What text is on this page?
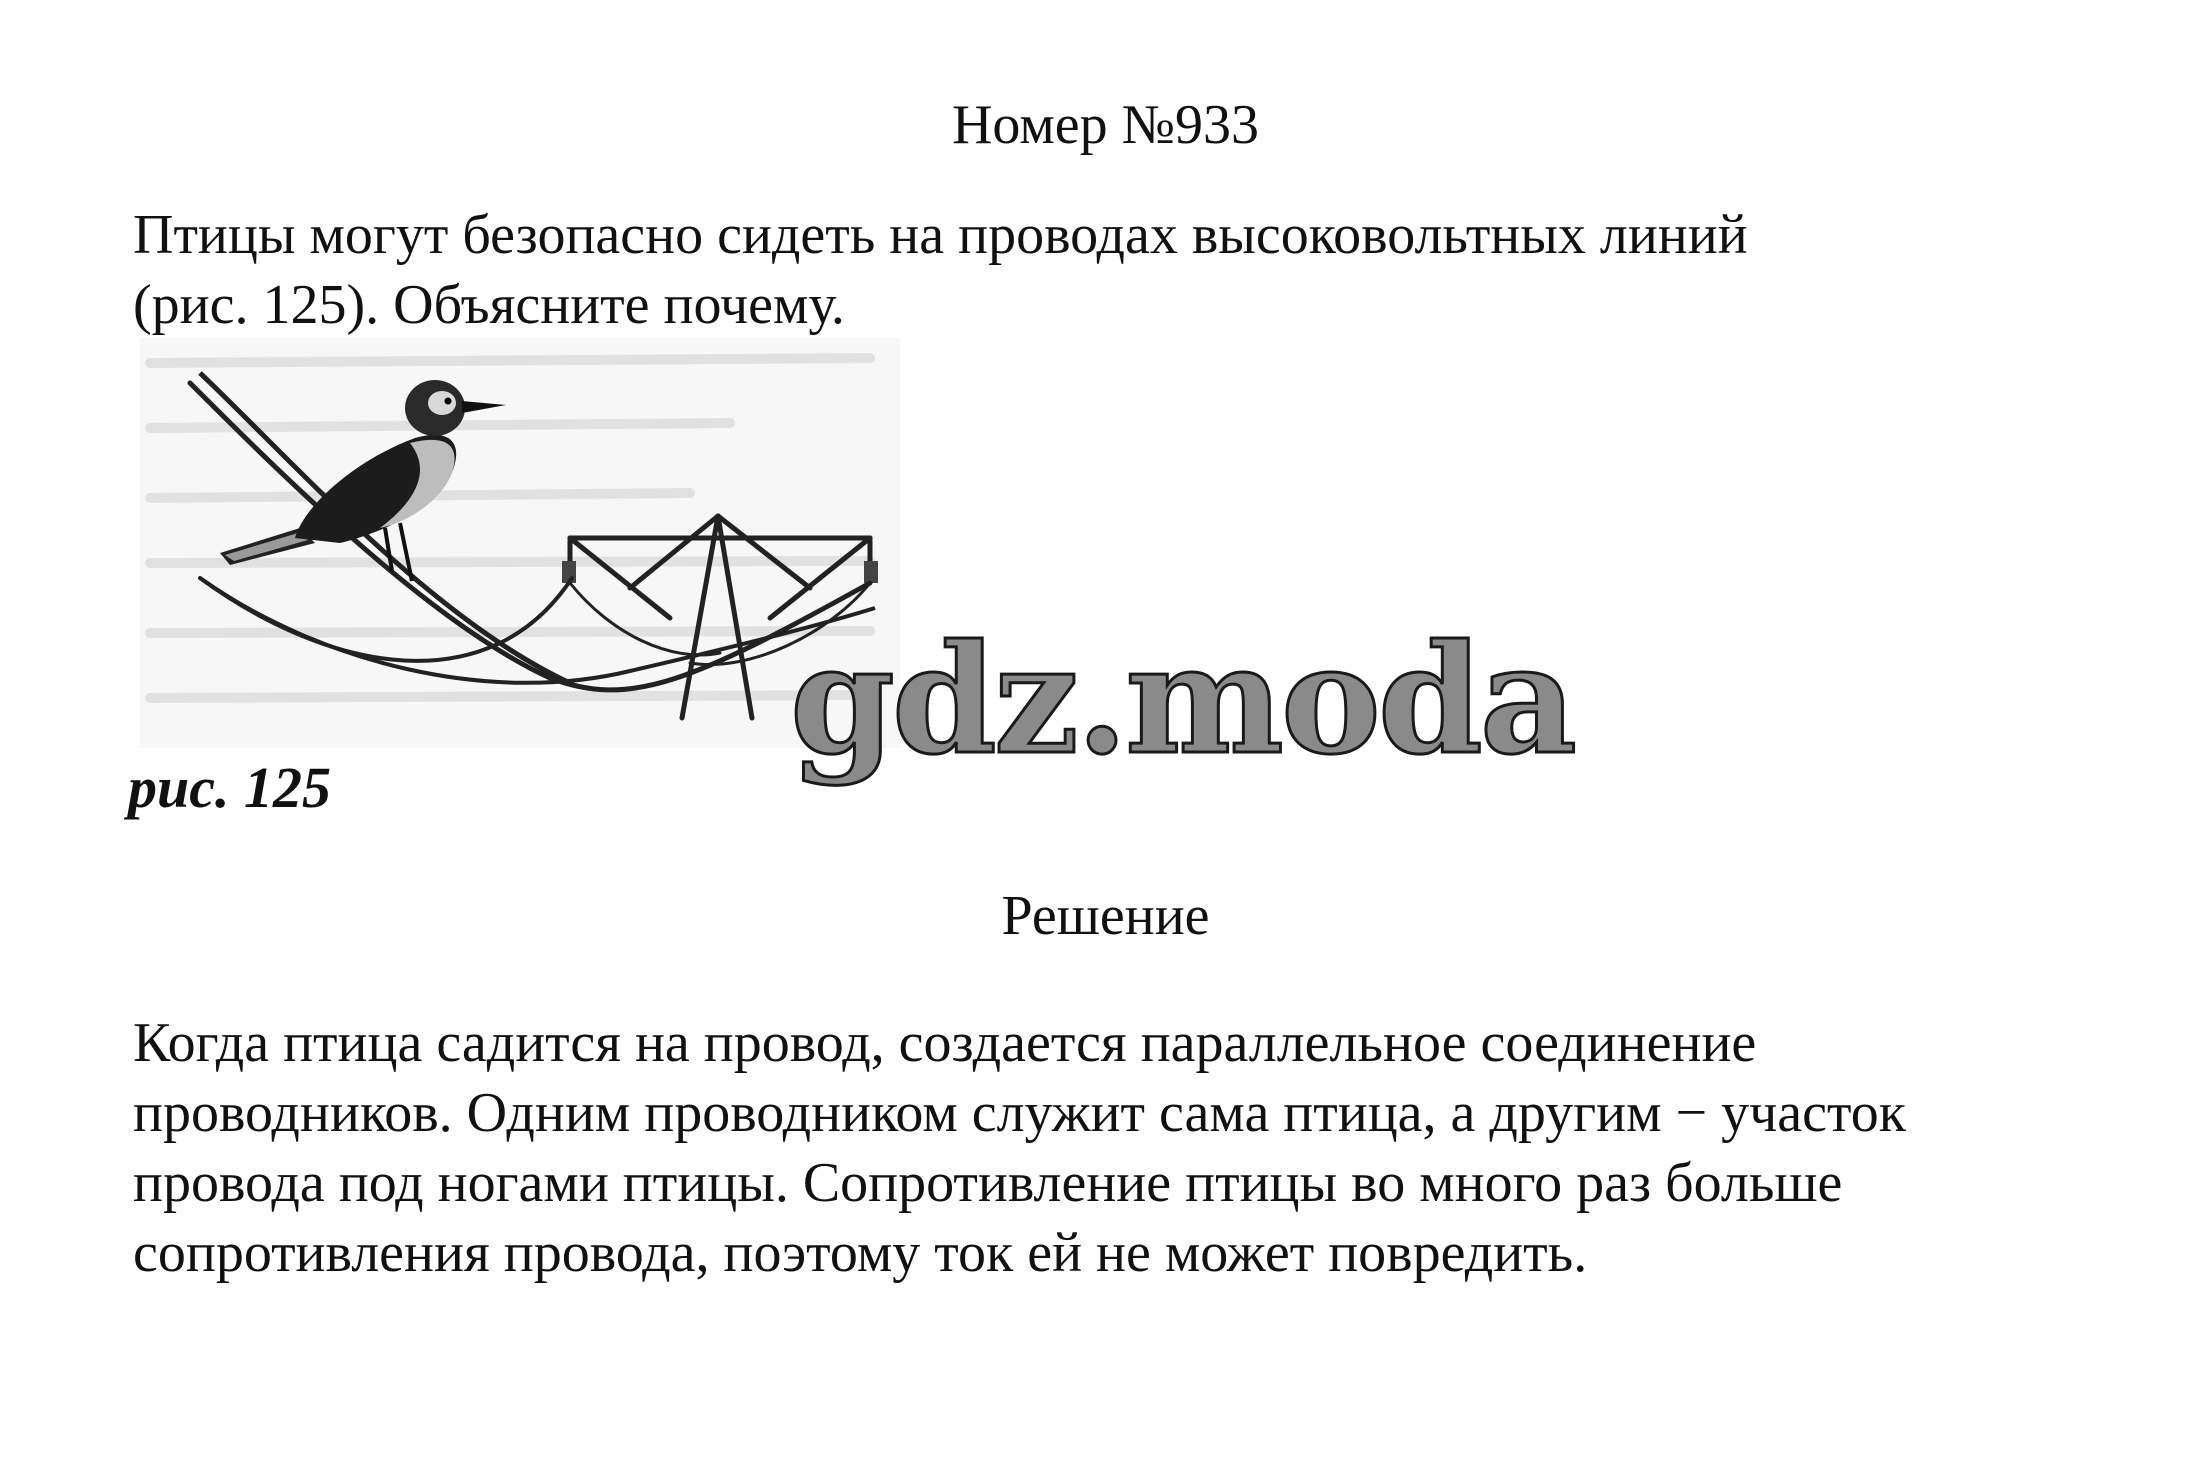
Номер №933
Птицы могут безопасно сидеть на проводах высоковольтных линий
(рис. 125). Объясните почему.
gdz.moda
рис. 125
Решение
Когда птица садится на провод, создается параллельное соединение
проводников. Одним проводником служит сама птица, а другим − участок
провода под ногами птицы. Сопротивление птицы во много раз больше
сопротивления провода, поэтому ток ей не может повредить.
